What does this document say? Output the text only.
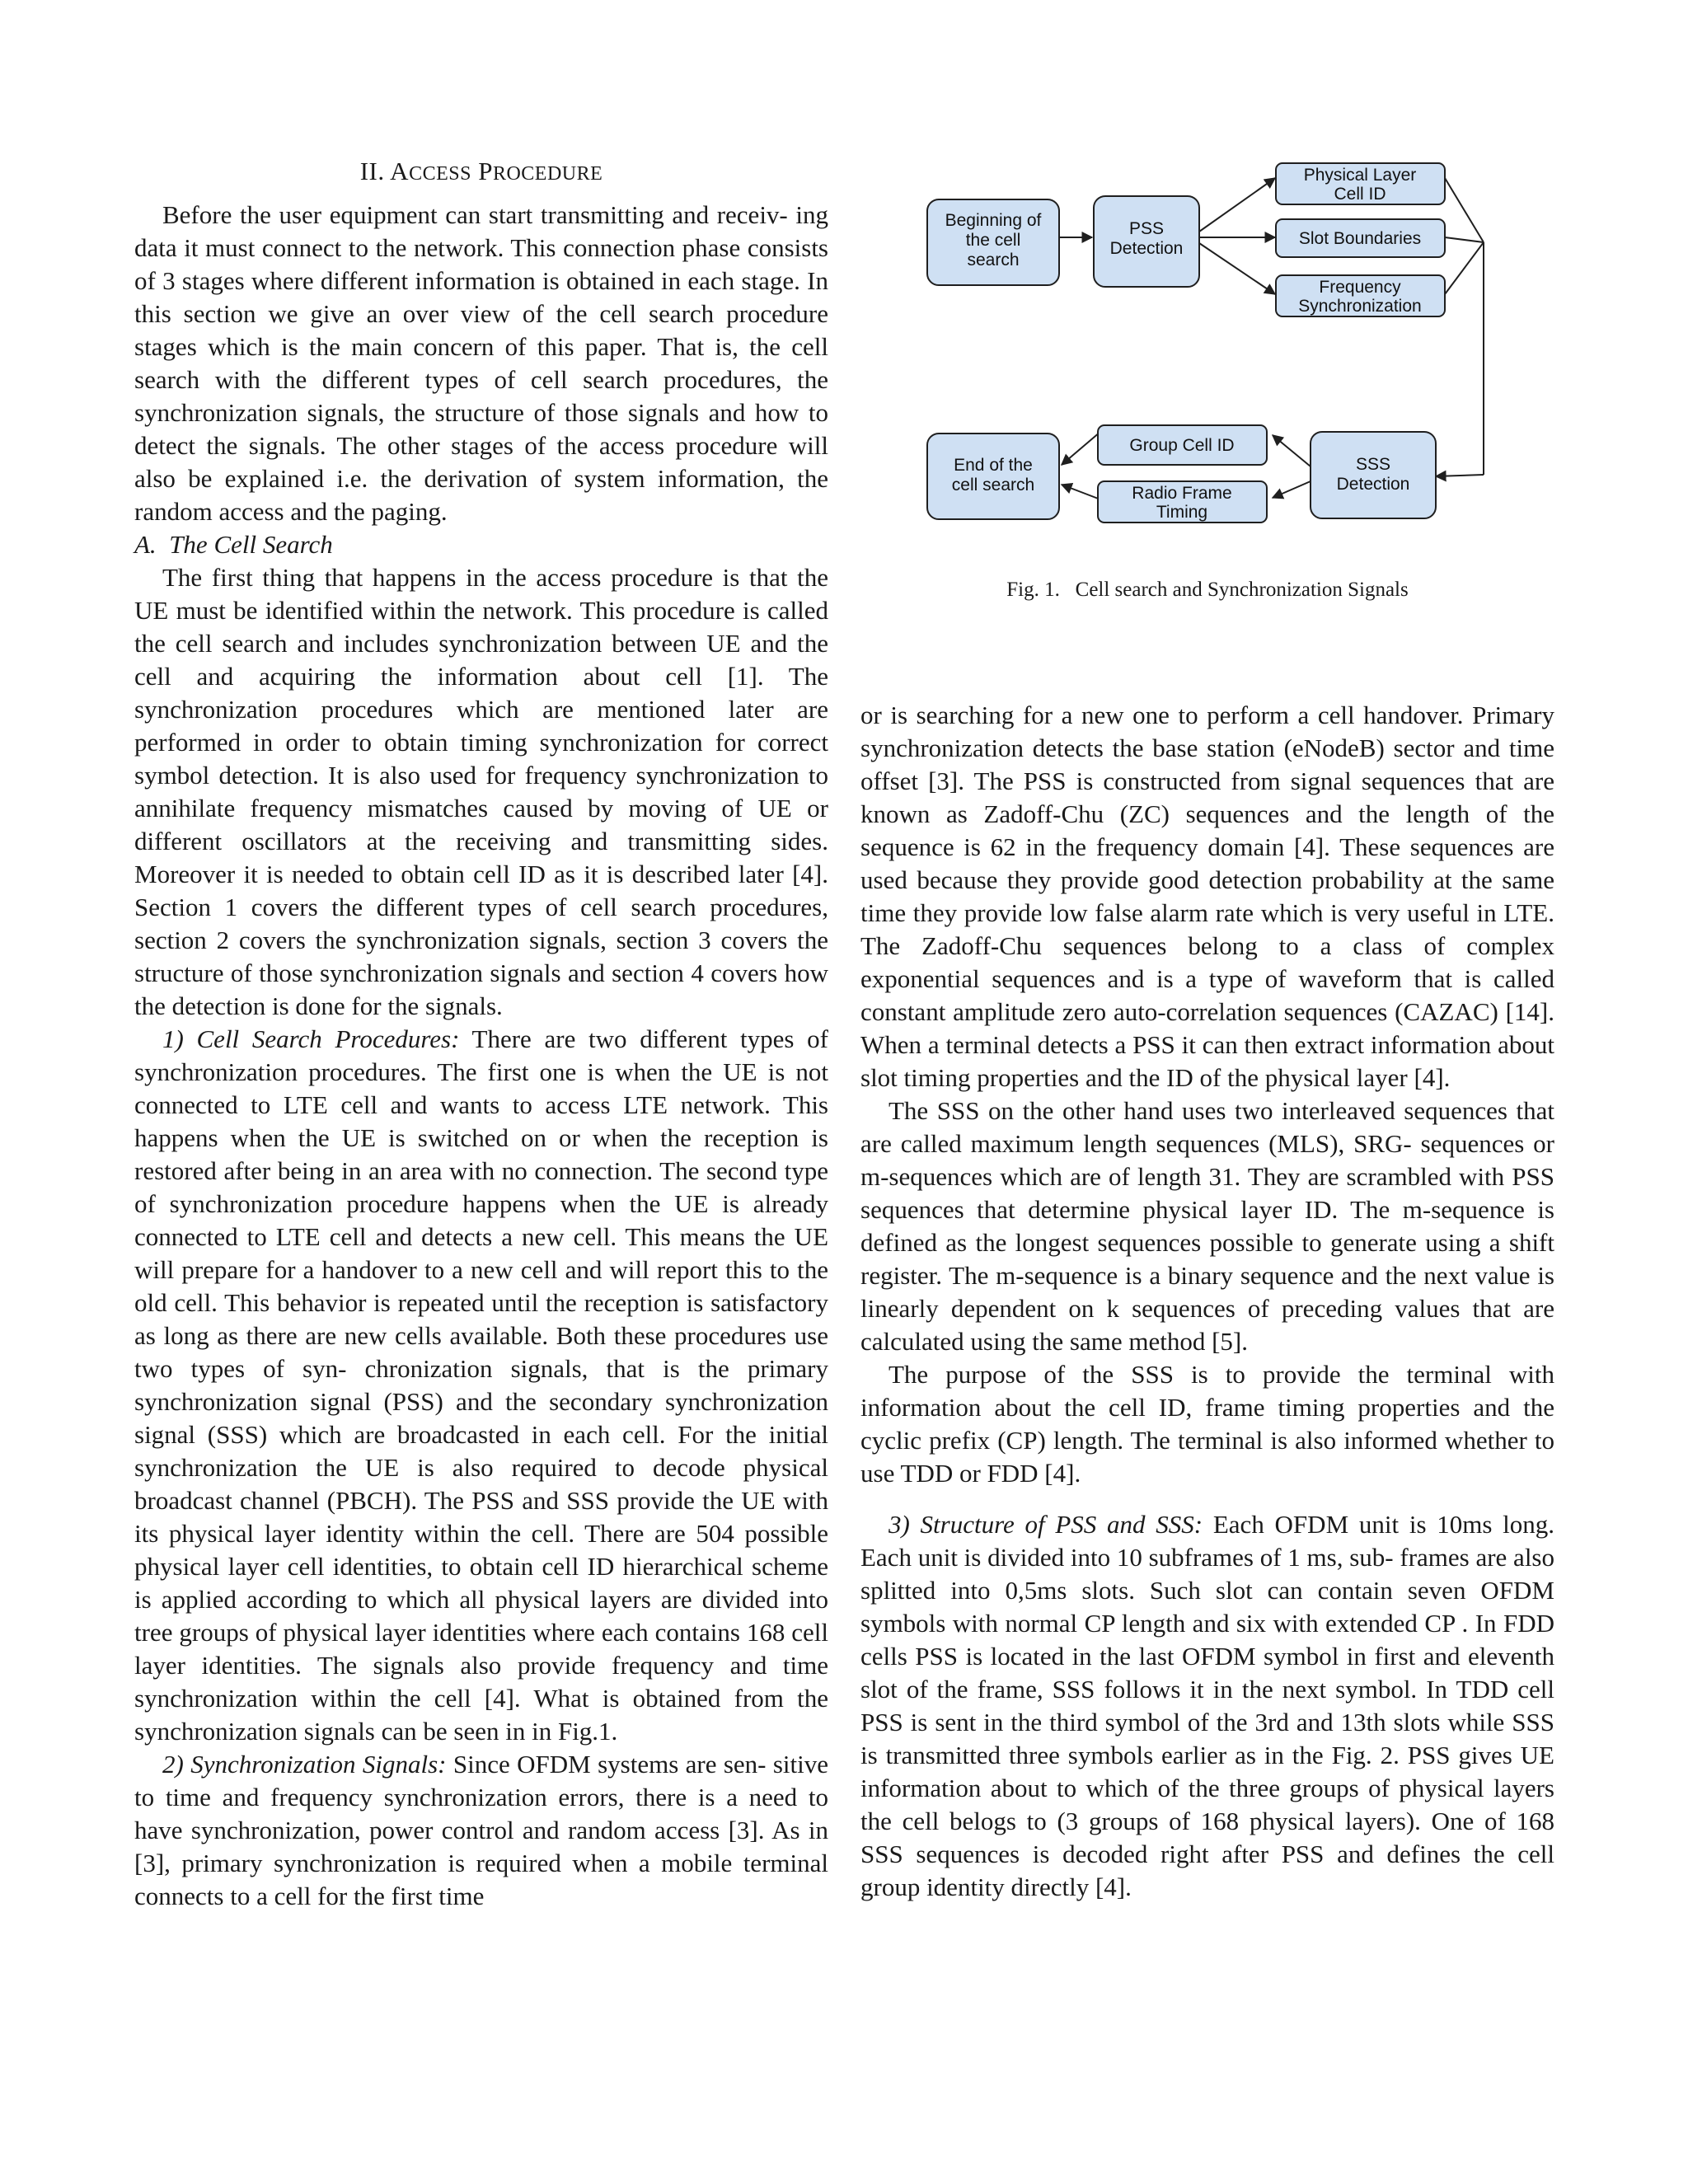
II. ACCESS PROCEDURE

Before the user equipment can start transmitting and receiv- ing data it must connect to the network. This connection phase consists of 3 stages where different information is obtained in each stage. In this section we give an over view of the cell search procedure stages which is the main concern of this paper. That is, the cell search with the different types of cell search procedures, the synchronization signals, the structure of those signals and how to detect the signals. The other stages of the access procedure will also be explained i.e. the derivation of system information, the random access and the paging.

A. The Cell Search

The first thing that happens in the access procedure is that the UE must be identified within the network. This procedure is called the cell search and includes synchronization between UE and the cell and acquiring the information about cell [1]. The synchronization procedures which are mentioned later are performed in order to obtain timing synchronization for correct symbol detection. It is also used for frequency synchronization to annihilate frequency mismatches caused by moving of UE or different oscillators at the receiving and transmitting sides. Moreover it is needed to obtain cell ID as it is described later [4]. Section 1 covers the different types of cell search procedures, section 2 covers the synchronization signals, section 3 covers the structure of those synchronization signals and section 4 covers how the detection is done for the signals.

1) Cell Search Procedures: There are two different types of synchronization procedures. The first one is when the UE is not connected to LTE cell and wants to access LTE network. This happens when the UE is switched on or when the reception is restored after being in an area with no connection. The second type of synchronization procedure happens when the UE is already connected to LTE cell and detects a new cell. This means the UE will prepare for a handover to a new cell and will report this to the old cell. This behavior is repeated until the reception is satisfactory as long as there are new cells available. Both these procedures use two types of syn- chronization signals, that is the primary synchronization signal (PSS) and the secondary synchronization signal (SSS) which are broadcasted in each cell. For the initial synchronization the UE is also required to decode physical broadcast channel (PBCH). The PSS and SSS provide the UE with its physical layer identity within the cell. There are 504 possible physical layer cell identities, to obtain cell ID hierarchical scheme is applied according to which all physical layers are divided into tree groups of physical layer identities where each contains 168 cell layer identities. The signals also provide frequency and time synchronization within the cell [4]. What is obtained from the synchronization signals can be seen in in Fig.1.

2) Synchronization Signals: Since OFDM systems are sen- sitive to time and frequency synchronization errors, there is a need to have synchronization, power control and random access [3]. As in [3], primary synchronization is required when a mobile terminal connects to a cell for the first time

Beginning of
the cell
search
PSS
Detection
Physical Layer
Cell ID
Slot Boundaries
Frequency
Synchronization
SSS
Detection
Group Cell ID
Radio Frame
Timing
End of the
cell search
Fig. 1. Cell search and Synchronization Signals

or is searching for a new one to perform a cell handover. Primary synchronization detects the base station (eNodeB) sector and time offset [3]. The PSS is constructed from signal sequences that are known as Zadoff-Chu (ZC) sequences and the length of the sequence is 62 in the frequency domain [4]. These sequences are used because they provide good detection probability at the same time they provide low false alarm rate which is very useful in LTE. The Zadoff-Chu sequences belong to a class of complex exponential sequences and is a type of waveform that is called constant amplitude zero auto-correlation sequences (CAZAC) [14]. When a terminal detects a PSS it can then extract information about slot timing properties and the ID of the physical layer [4].

The SSS on the other hand uses two interleaved sequences that are called maximum length sequences (MLS), SRG- sequences or m-sequences which are of length 31. They are scrambled with PSS sequences that determine physical layer ID. The m-sequence is defined as the longest sequences possible to generate using a shift register. The m-sequence is a binary sequence and the next value is linearly dependent on k sequences of preceding values that are calculated using the same method [5].

The purpose of the SSS is to provide the terminal with information about the cell ID, frame timing properties and the cyclic prefix (CP) length. The terminal is also informed whether to use TDD or FDD [4].

3) Structure of PSS and SSS: Each OFDM unit is 10ms long. Each unit is divided into 10 subframes of 1 ms, sub- frames are also splitted into 0,5ms slots. Such slot can contain seven OFDM symbols with normal CP length and six with extended CP . In FDD cells PSS is located in the last OFDM symbol in first and eleventh slot of the frame, SSS follows it in the next symbol. In TDD cell PSS is sent in the third symbol of the 3rd and 13th slots while SSS is transmitted three symbols earlier as in the Fig. 2. PSS gives UE information about to which of the three groups of physical layers the cell belogs to (3 groups of 168 physical layers). One of 168 SSS sequences is decoded right after PSS and defines the cell group identity directly [4].
